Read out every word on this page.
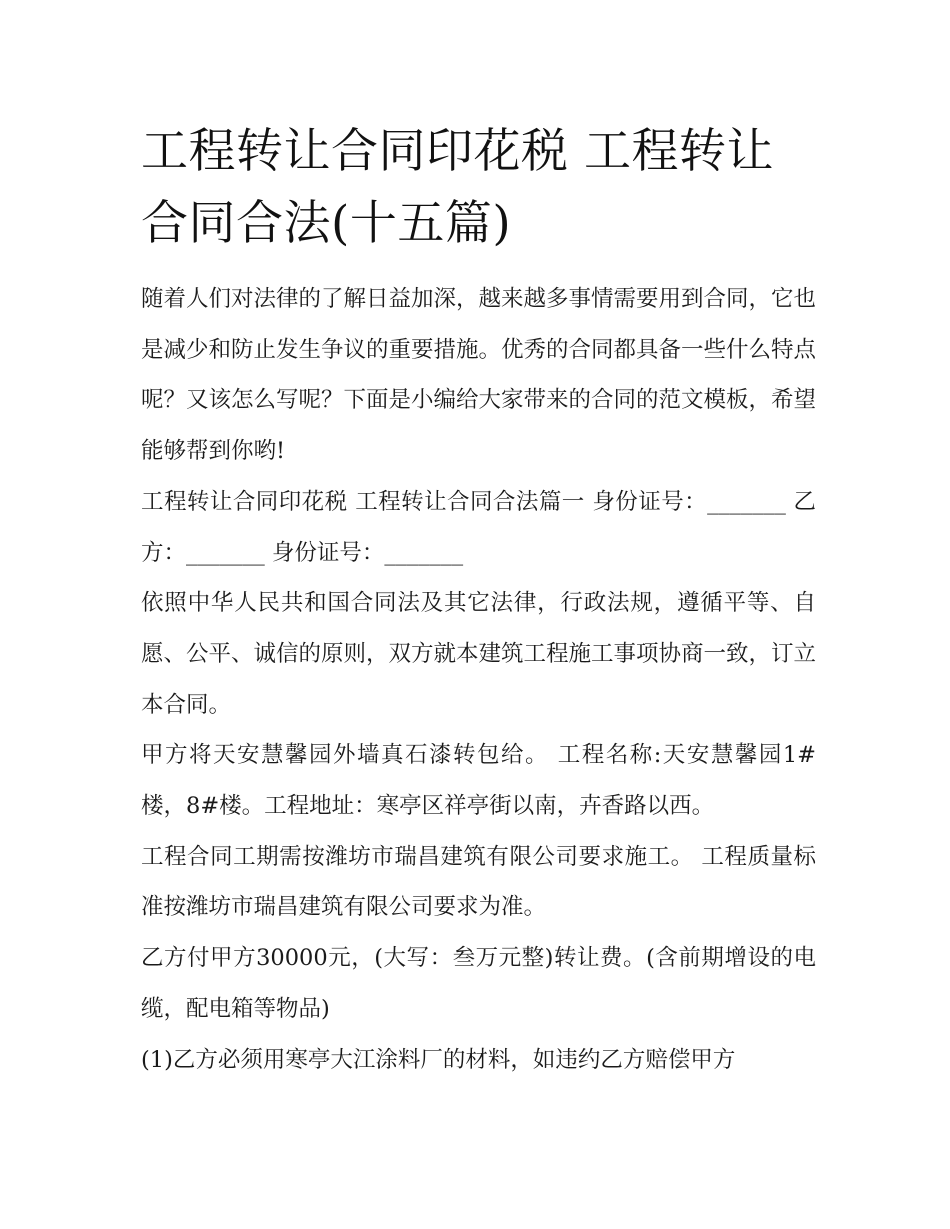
工程转让合同印花税 工程转让合同合法(十五篇)

随着人们对法律的了解日益加深，越来越多事情需要用到合同，它也是减少和防止发生争议的重要措施。优秀的合同都具备一些什么特点呢？又该怎么写呢？下面是小编给大家带来的合同的范文模板，希望能够帮到你哟!

工程转让合同印花税 工程转让合同合法篇一 身份证号：_______ 乙方：_______ 身份证号：_______

依照中华人民共和国合同法及其它法律，行政法规，遵循平等、自愿、公平、诚信的原则，双方就本建筑工程施工事项协商一致，订立本合同。

甲方将天安慧馨园外墙真石漆转包给。 工程名称:天安慧馨园1#楼，8#楼。工程地址：寒亭区祥亭街以南，卉香路以西。

工程合同工期需按潍坊市瑞昌建筑有限公司要求施工。 工程质量标准按潍坊市瑞昌建筑有限公司要求为准。

乙方付甲方30000元，(大写：叁万元整)转让费。(含前期增设的电缆，配电箱等物品)

(1)乙方必须用寒亭大江涂料厂的材料，如违约乙方赔偿甲方
